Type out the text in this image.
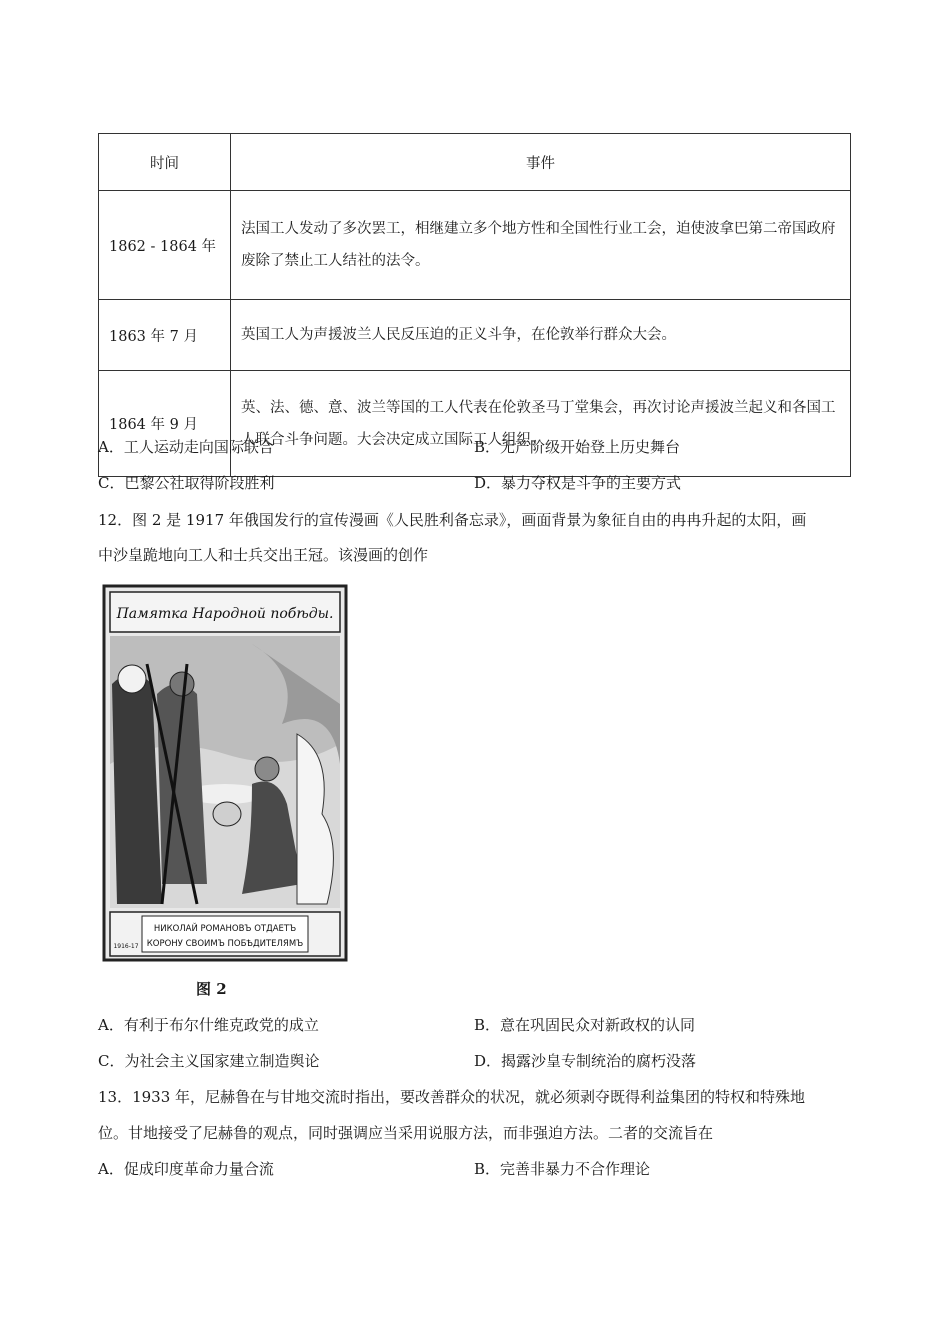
时间	事件
1862 - 1864 年	法国工人发动了多次罢工，相继建立多个地方性和全国性行业工会，迫使波拿巴第二帝国政府废除了禁止工人结社的法令。
1863 年 7 月	英国工人为声援波兰人民反压迫的正义斗争，在伦敦举行群众大会。
1864 年 9 月	英、法、德、意、波兰等国的工人代表在伦敦圣马丁堂集会，再次讨论声援波兰起义和各国工人联合斗争问题。大会决定成立国际工人组织。
A．工人运动走向国际联合	B．无产阶级开始登上历史舞台
C．巴黎公社取得阶段胜利	D．暴力夺权是斗争的主要方式
12．图 2 是 1917 年俄国发行的宣传漫画《人民胜利备忘录》，画面背景为象征自由的冉冉升起的太阳，画
中沙皇跪地向工人和士兵交出王冠。该漫画的创作
Памятка Народной побѣды.
НИКОЛАЙ РОМАНОВЪ ОТДАЕТЪ
КОРОНУ СВОИМЪ ПОБѢДИТЕЛЯМЪ
1916-17
图 2
A．有利于布尔什维克政党的成立	B．意在巩固民众对新政权的认同
C．为社会主义国家建立制造舆论	D．揭露沙皇专制统治的腐朽没落
13．1933 年，尼赫鲁在与甘地交流时指出，要改善群众的状况，就必须剥夺既得利益集团的特权和特殊地
位。甘地接受了尼赫鲁的观点，同时强调应当采用说服方法，而非强迫方法。二者的交流旨在
A．促成印度革命力量合流	B．完善非暴力不合作理论
